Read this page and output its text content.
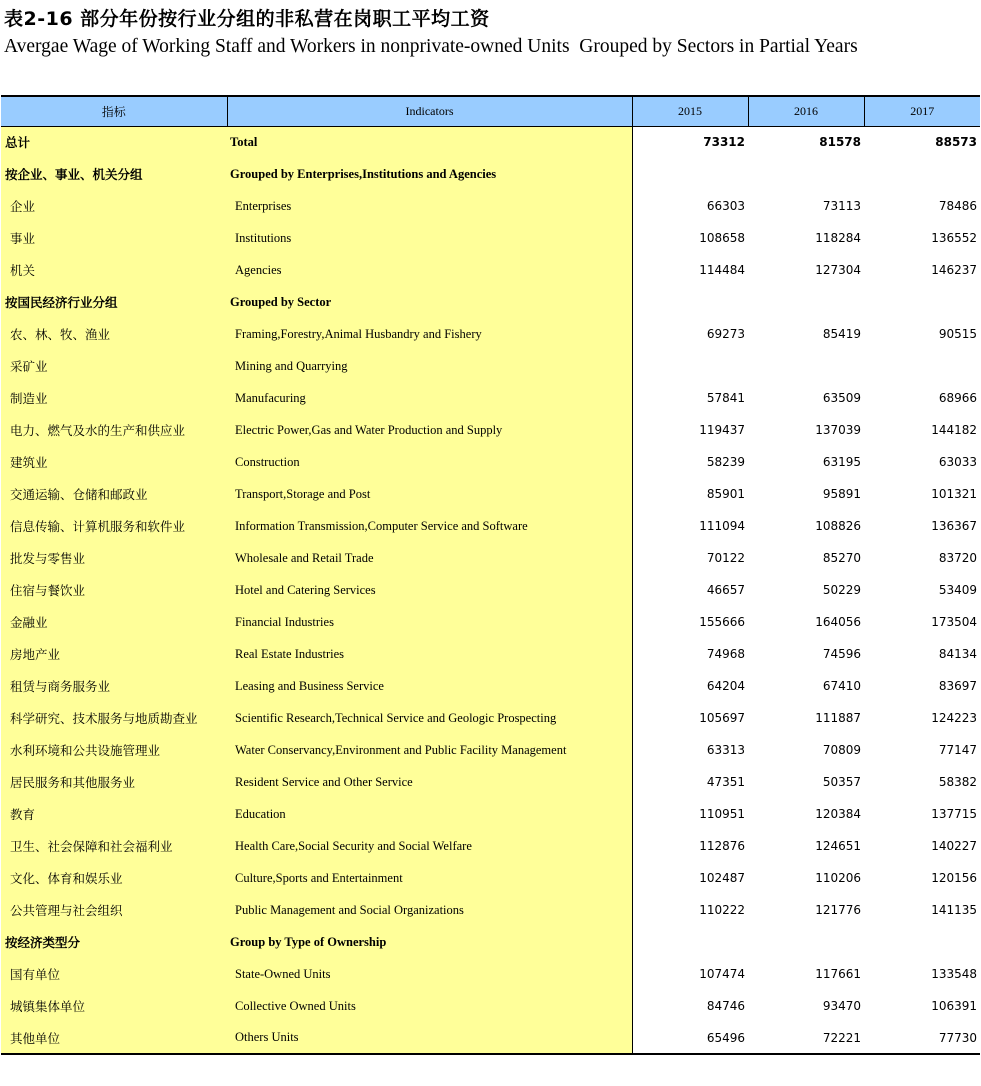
表2-16 部分年份按行业分组的非私营在岗职工平均工资
Avergae Wage of Working Staff and Workers in nonprivate-owned Units  Grouped by Sectors in Partial Years
指标	Indicators	2015	2016	2017
总计	Total	73312	81578	88573
按企业、事业、机关分组	Grouped by Enterprises,Institutions and Agencies			
企业	Enterprises	66303	73113	78486
事业	Institutions	108658	118284	136552
机关	Agencies	114484	127304	146237
按国民经济行业分组	Grouped by Sector			
农、林、牧、渔业	Framing,Forestry,Animal Husbandry and Fishery	69273	85419	90515
采矿业	Mining and Quarrying			
制造业	Manufacuring	57841	63509	68966
电力、燃气及水的生产和供应业	Electric Power,Gas and Water Production and Supply	119437	137039	144182
建筑业	Construction	58239	63195	63033
交通运输、仓储和邮政业	Transport,Storage and Post	85901	95891	101321
信息传输、计算机服务和软件业	Information Transmission,Computer Service and Software	111094	108826	136367
批发与零售业	Wholesale and Retail Trade	70122	85270	83720
住宿与餐饮业	Hotel and Catering Services	46657	50229	53409
金融业	Financial Industries	155666	164056	173504
房地产业	Real Estate Industries	74968	74596	84134
租赁与商务服务业	Leasing and Business Service	64204	67410	83697
科学研究、技术服务与地质勘查业	Scientific Research,Technical Service and Geologic Prospecting	105697	111887	124223
水利环境和公共设施管理业	Water Conservancy,Environment and Public Facility Management	63313	70809	77147
居民服务和其他服务业	Resident Service and Other Service	47351	50357	58382
教育	Education	110951	120384	137715
卫生、社会保障和社会福利业	Health Care,Social Security and Social Welfare	112876	124651	140227
文化、体育和娱乐业	Culture,Sports and Entertainment	102487	110206	120156
公共管理与社会组织	Public Management and Social Organizations	110222	121776	141135
按经济类型分	Group by Type of Ownership			
国有单位	State-Owned Units	107474	117661	133548
城镇集体单位	Collective Owned Units	84746	93470	106391
其他单位	Others Units	65496	72221	77730
